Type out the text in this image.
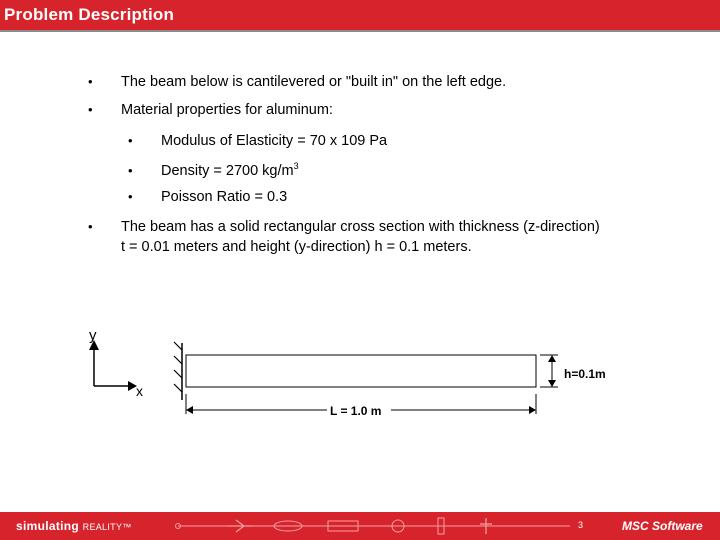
Problem Description
• The beam below is cantilevered or "built in" on the left edge.
• Material properties for aluminum:
• Modulus of Elasticity = 70 x 109 Pa
• Density = 2700 $kg/m^3$
• Poisson Ratio = 0.3
• The beam has a solid rectangular cross section with thickness (z-direction) t = 0.01 meters and height (y-direction) h = 0.1 meters.
y
x
h=0.1m
L = 1.0 m
simulating REALITY™	3	MSC Software
